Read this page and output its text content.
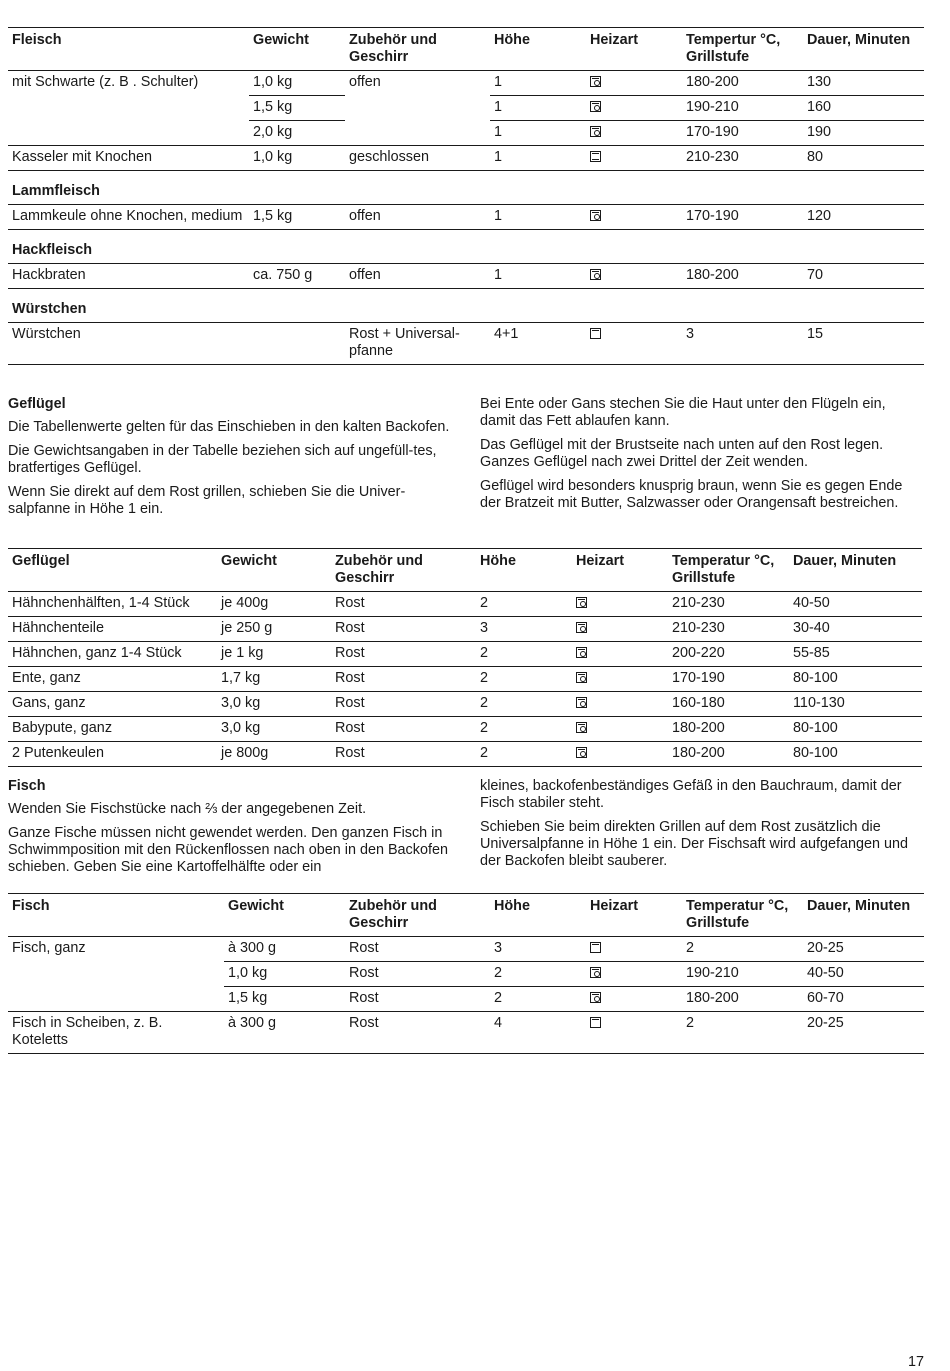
Fleisch	Gewicht	Zubehör und Geschirr	Höhe	Heizart	Tempertur °C, Grillstufe	Dauer, Minuten
mit Schwarte (z. B . Schulter)	1,0 kg	offen	1		180-200	130
	1,5 kg		1		190-210	160
	2,0 kg		1		170-190	190
Kasseler mit Knochen	1,0 kg	geschlossen	1		210-230	80
Lammfleisch						
Lammkeule ohne Knochen, medium	1,5 kg	offen	1		170-190	120
Hackfleisch						
Hackbraten	ca. 750 g	offen	1		180-200	70
Würstchen						
Würstchen		Rost + Universal-pfanne	4+1		3	15
Geflügel

Die Tabellenwerte gelten für das Einschieben in den kalten Backofen.

Die Gewichtsangaben in der Tabelle beziehen sich auf ungefüll-tes, bratfertiges Geflügel.

Wenn Sie direkt auf dem Rost grillen, schieben Sie die Univer-salpfanne in Höhe 1 ein.

Bei Ente oder Gans stechen Sie die Haut unter den Flügeln ein, damit das Fett ablaufen kann.

Das Geflügel mit der Brustseite nach unten auf den Rost legen. Ganzes Geflügel nach zwei Drittel der Zeit wenden.

Geflügel wird besonders knusprig braun, wenn Sie es gegen Ende der Bratzeit mit Butter, Salzwasser oder Orangensaft bestreichen.

Geflügel	Gewicht	Zubehör und Geschirr	Höhe	Heizart	Temperatur °C, Grillstufe	Dauer, Minuten
Hähnchenhälften, 1-4 Stück	je 400g	Rost	2		210-230	40-50
Hähnchenteile	je 250 g	Rost	3		210-230	30-40
Hähnchen, ganz 1-4 Stück	je 1 kg	Rost	2		200-220	55-85
Ente, ganz	1,7 kg	Rost	2		170-190	80-100
Gans, ganz	3,0 kg	Rost	2		160-180	110-130
Babypute, ganz	3,0 kg	Rost	2		180-200	80-100
2 Putenkeulen	je 800g	Rost	2		180-200	80-100
Fisch

Wenden Sie Fischstücke nach ⅔ der angegebenen Zeit.

Ganze Fische müssen nicht gewendet werden. Den ganzen Fisch in Schwimmposition mit den Rückenflossen nach oben in den Backofen schieben. Geben Sie eine Kartoffelhälfte oder ein

kleines, backofenbeständiges Gefäß in den Bauchraum, damit der Fisch stabiler steht.

Schieben Sie beim direkten Grillen auf dem Rost zusätzlich die Universalpfanne in Höhe 1 ein. Der Fischsaft wird aufgefangen und der Backofen bleibt sauberer.

Fisch	Gewicht	Zubehör und Geschirr	Höhe	Heizart	Temperatur °C, Grillstufe	Dauer, Minuten
Fisch, ganz	à 300 g	Rost	3		2	20-25
	1,0 kg	Rost	2		190-210	40-50
	1,5 kg	Rost	2		180-200	60-70
Fisch in Scheiben, z. B. Koteletts	à 300 g	Rost	4		2	20-25
17
